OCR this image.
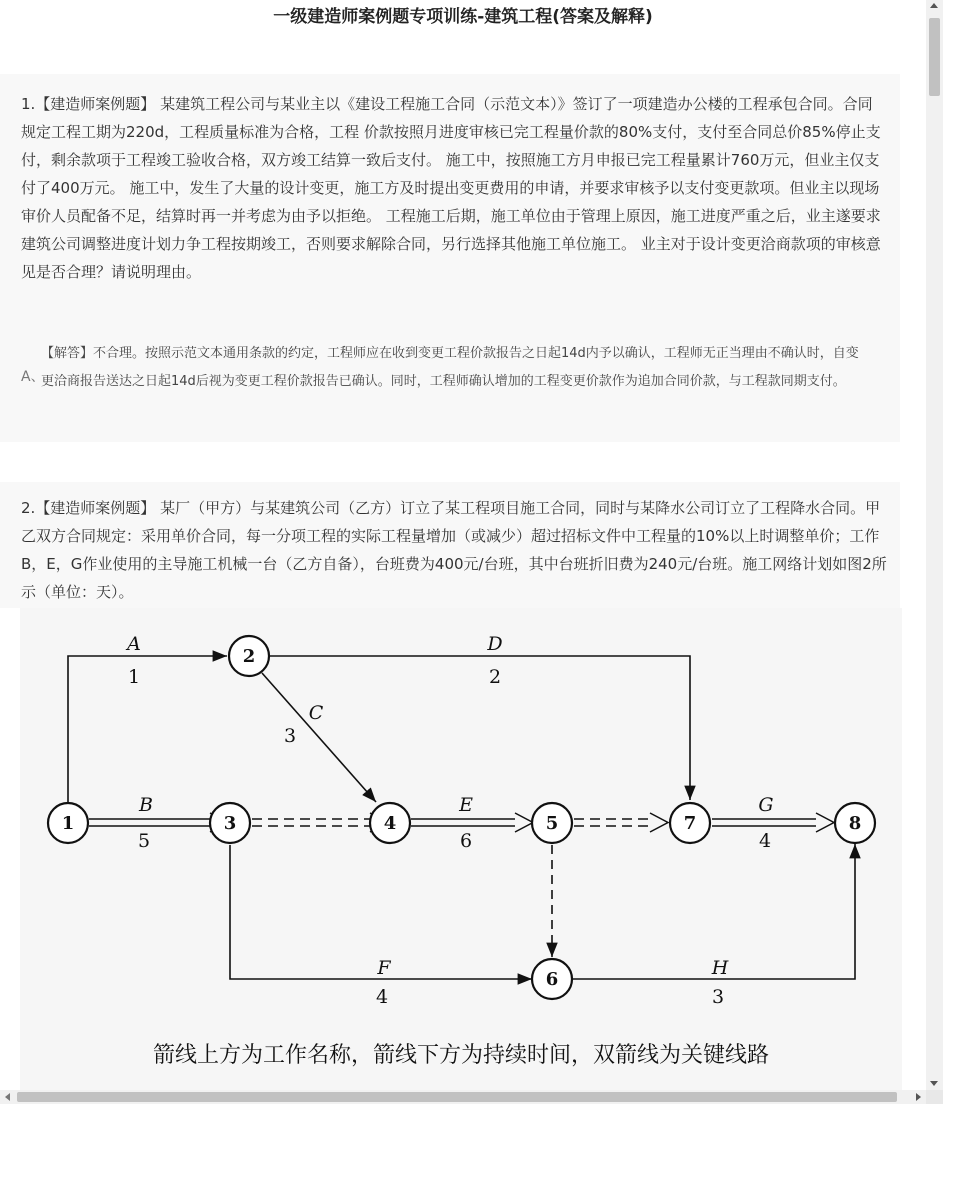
一级建造师案例题专项训练-建筑工程(答案及解释)
1.【建造师案例题】 某建筑工程公司与某业主以《建设工程施工合同（示范文本）》签订了一项建造办公楼的工程承包合同。合同规定工程工期为220d，工程质量标准为合格，工程 价款按照月进度审核已完工程量价款的80%支付，支付至合同总价85%停止支付，剩余款项于工程竣工验收合格，双方竣工结算一致后支付。 施工中，按照施工方月申报已完工程量累计760万元，但业主仅支付了400万元。 施工中，发生了大量的设计变更，施工方及时提出变更费用的申请，并要求审核予以支付变更款项。但业主以现场审价人员配备不足，结算时再一并考虑为由予以拒绝。 工程施工后期，施工单位由于管理上原因，施工进度严重之后，业主遂要求建筑公司调整进度计划力争工程按期竣工，否则要求解除合同，另行选择其他施工单位施工。 业主对于设计变更洽商款项的审核意见是否合理？请说明理由。
A、
【解答】不合理。按照示范文本通用条款的约定，工程师应在收到变更工程价款报告之日起14d内予以确认，工程师无正当理由不确认时，自变更洽商报告送达之日起14d后视为变更工程价款报告已确认。同时，工程师确认增加的工程变更价款作为追加合同价款，与工程款同期支付。
2.【建造师案例题】 某厂（甲方）与某建筑公司（乙方）订立了某工程项目施工合同，同时与某降水公司订立了工程降水合同。甲乙双方合同规定：采用单价合同，每一分项工程的实际工程量增加（或减少）超过招标文件中工程量的10%以上时调整单价；工作B，E，G作业使用的主导施工机械一台（乙方自备），台班费为400元/台班，其中台班折旧费为240元/台班。施工网络计划如图2所示（单位：天）。
1
2
3	4	5
6
7	8
A
B
C
D
E
F
G
H
1
5
3
2
6
4
4
3
箭线上方为工作名称，箭线下方为持续时间，双箭线为关键线路
